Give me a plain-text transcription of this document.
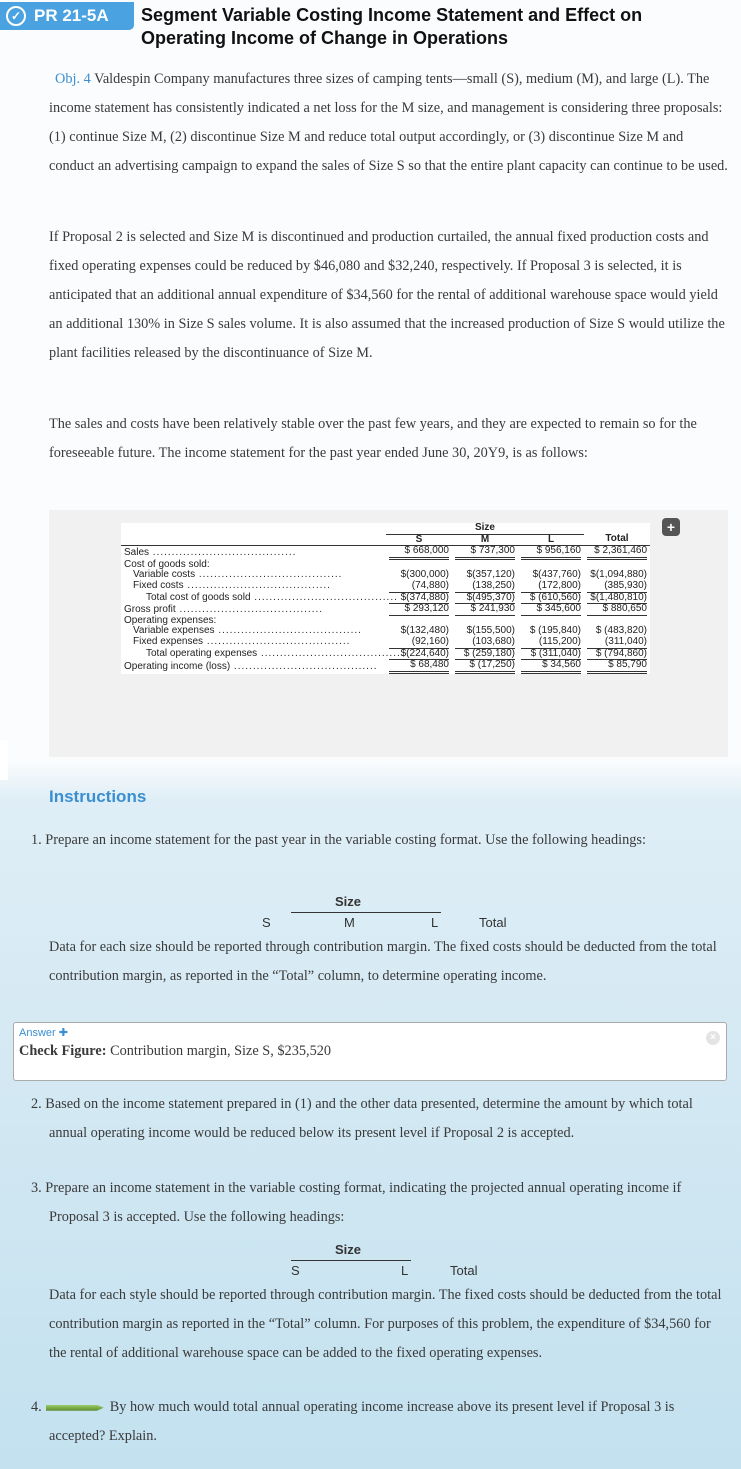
✓ PR 21-5A Segment Variable Costing Income Statement and Effect on Operating Income of Change in Operations
Obj. 4 Valdespin Company manufactures three sizes of camping tents—small (S), medium (M), and large (L). The income statement has consistently indicated a net loss for the M size, and management is considering three proposals: (1) continue Size M, (2) discontinue Size M and reduce total output accordingly, or (3) discontinue Size M and conduct an advertising campaign to expand the sales of Size S so that the entire plant capacity can continue to be used.
If Proposal 2 is selected and Size M is discontinued and production curtailed, the annual fixed production costs and fixed operating expenses could be reduced by $46,080 and $32,240, respectively. If Proposal 3 is selected, it is anticipated that an additional annual expenditure of $34,560 for the rental of additional warehouse space would yield an additional 130% in Size S sales volume. It is also assumed that the increased production of Size S would utilize the plant facilities released by the discontinuance of Size M.
The sales and costs have been relatively stable over the past few years, and they are expected to remain so for the foreseeable future. The income statement for the past year ended June 30, 20Y9, is as follows:
+
	Size			
	S	M	L	Total
Sales ......................................	$ 668,000	$ 737,300	$ 956,160	$ 2,361,460
Cost of goods sold:				
Variable costs ......................................	$(300,000)	$(357,120)	$(437,760)	$(1,094,880)
Fixed costs ......................................	(74,880)	(138,250)	(172,800)	(385,930)
Total cost of goods sold ......................................	$(374,880)	$(495,370)	$ (610,560)	$(1,480,810)
Gross profit ......................................	$ 293,120	$ 241,930	$ 345,600	$ 880,650
Operating expenses:				
Variable expenses ......................................	$(132,480)	$(155,500)	$ (195,840)	$ (483,820)
Fixed expenses ......................................	(92,160)	(103,680)	(115,200)	(311,040)
Total operating expenses ......................................	$(224,640)	$ (259,180)	$ (311,040)	$ (794,860)
Operating income (loss) ......................................	$ 68,480	$ (17,250)	$ 34,560	$ 85,790
Instructions
1. Prepare an income statement for the past year in the variable costing format. Use the following headings:
Size
S	M	L	Total
Data for each size should be reported through contribution margin. The fixed costs should be deducted from the total contribution margin, as reported in the “Total” column, to determine operating income.
Answer ✚
Check Figure: Contribution margin, Size S, $235,520
×
2. Based on the income statement prepared in (1) and the other data presented, determine the amount by which total annual operating income would be reduced below its present level if Proposal 2 is accepted.
3. Prepare an income statement in the variable costing format, indicating the projected annual operating income if Proposal 3 is accepted. Use the following headings:
Size
S	L	Total
Data for each style should be reported through contribution margin. The fixed costs should be deducted from the total contribution margin as reported in the “Total” column. For purposes of this problem, the expenditure of $34,560 for the rental of additional warehouse space can be added to the fixed operating expenses.
4.	By how much would total annual operating income increase above its present level if Proposal 3 is accepted? Explain.
